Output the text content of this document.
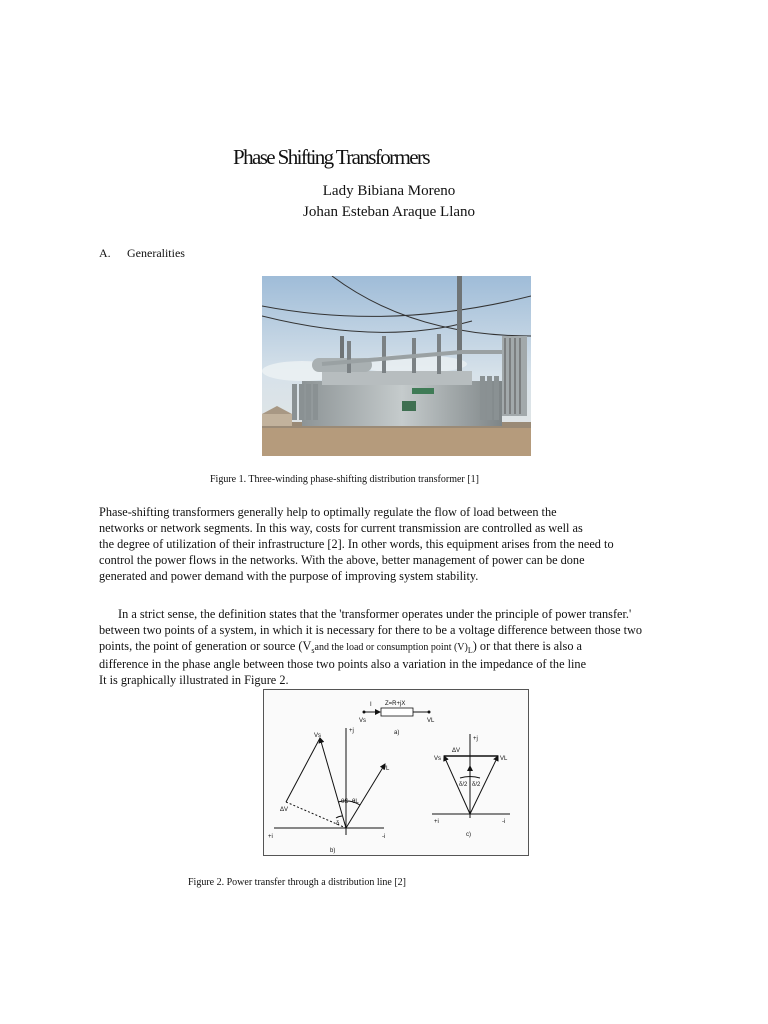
Phase Shifting Transformers
Lady Bibiana Moreno
Johan Esteban Araque Llano
A. Generalities
Figure 1. Three-winding phase-shifting distribution transformer [1]
Phase-shifting transformers generally help to optimally regulate the flow of load between the
networks or network segments. In this way, costs for current transmission are controlled as well as
the degree of utilization of their infrastructure [2]. In other words, this equipment arises from the need to
control the power flows in the networks. With the above, better management of power can be done
generated and power demand with the purpose of improving system stability.
In a strict sense, the definition states that the 'transformer operates under the principle of power transfer.'
between two points of a system, in which it is necessary for there to be a voltage difference between those two
points, the point of generation or source ($V_sand$ the load or consumption point $(V)_L$) or that there is also a
difference in the phase angle between those two points also a variation in the impedance of the line
It is graphically illustrated in Figure 2.
Z=R+jX
I
Vs	VL
a)
Vs
VL
ΔV
θS θL
δ
+j
+i	-i
b)
Vs	VL
ΔV
δ/2 δ/2
+j
+i	-i
c)
Figure 2. Power transfer through a distribution line [2]
